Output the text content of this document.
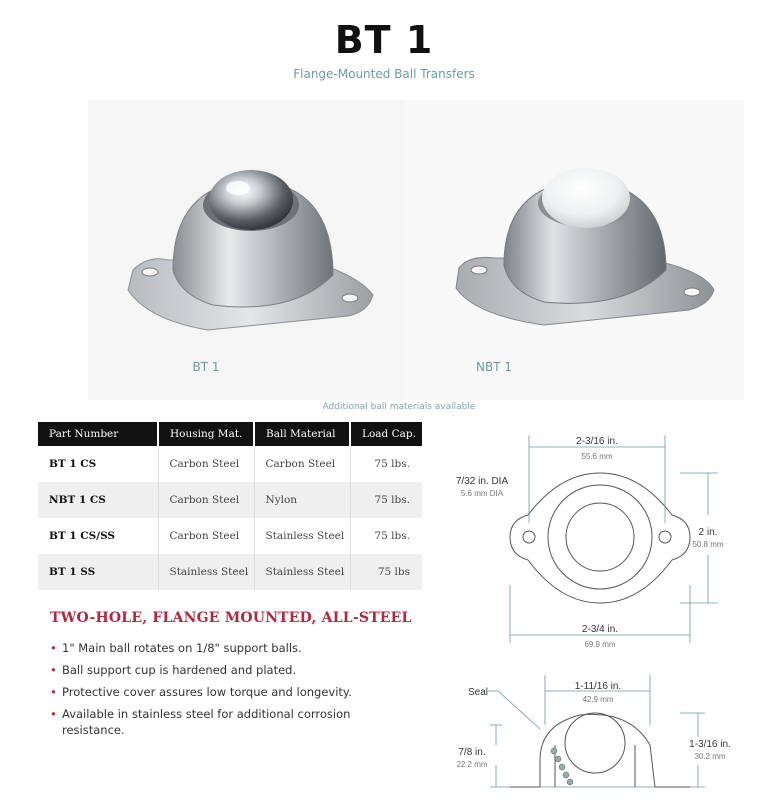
BT 1
Flange-Mounted Ball Transfers
BT 1	NBT 1
Additional ball materials available
Part Number	Housing Mat.	Ball Material	Load Cap.
BT 1 CS	Carbon Steel	Carbon Steel	75 lbs.
NBT 1 CS	Carbon Steel	Nylon	75 lbs.
BT 1 CS/SS	Carbon Steel	Stainless Steel	75 lbs.
BT 1 SS	Stainless Steel	Stainless Steel	75 lbs
TWO-HOLE, FLANGE MOUNTED, ALL-STEEL
• 1" Main ball rotates on 1/8" support balls.
• Ball support cup is hardened and plated.
• Protective cover assures low torque and longevity.
• Available in stainless steel for additional corrosion resistance.
2-3/16 in.
7/32 in. DIA
2 in.
2-3/4 in.
Seal
1-11/16 in.
1-3/16 in.
7/8 in.
55.6 mm
5.6 mm DIA
50.8 mm
69.9 mm
42.9 mm
30.2 mm
22.2 mm
